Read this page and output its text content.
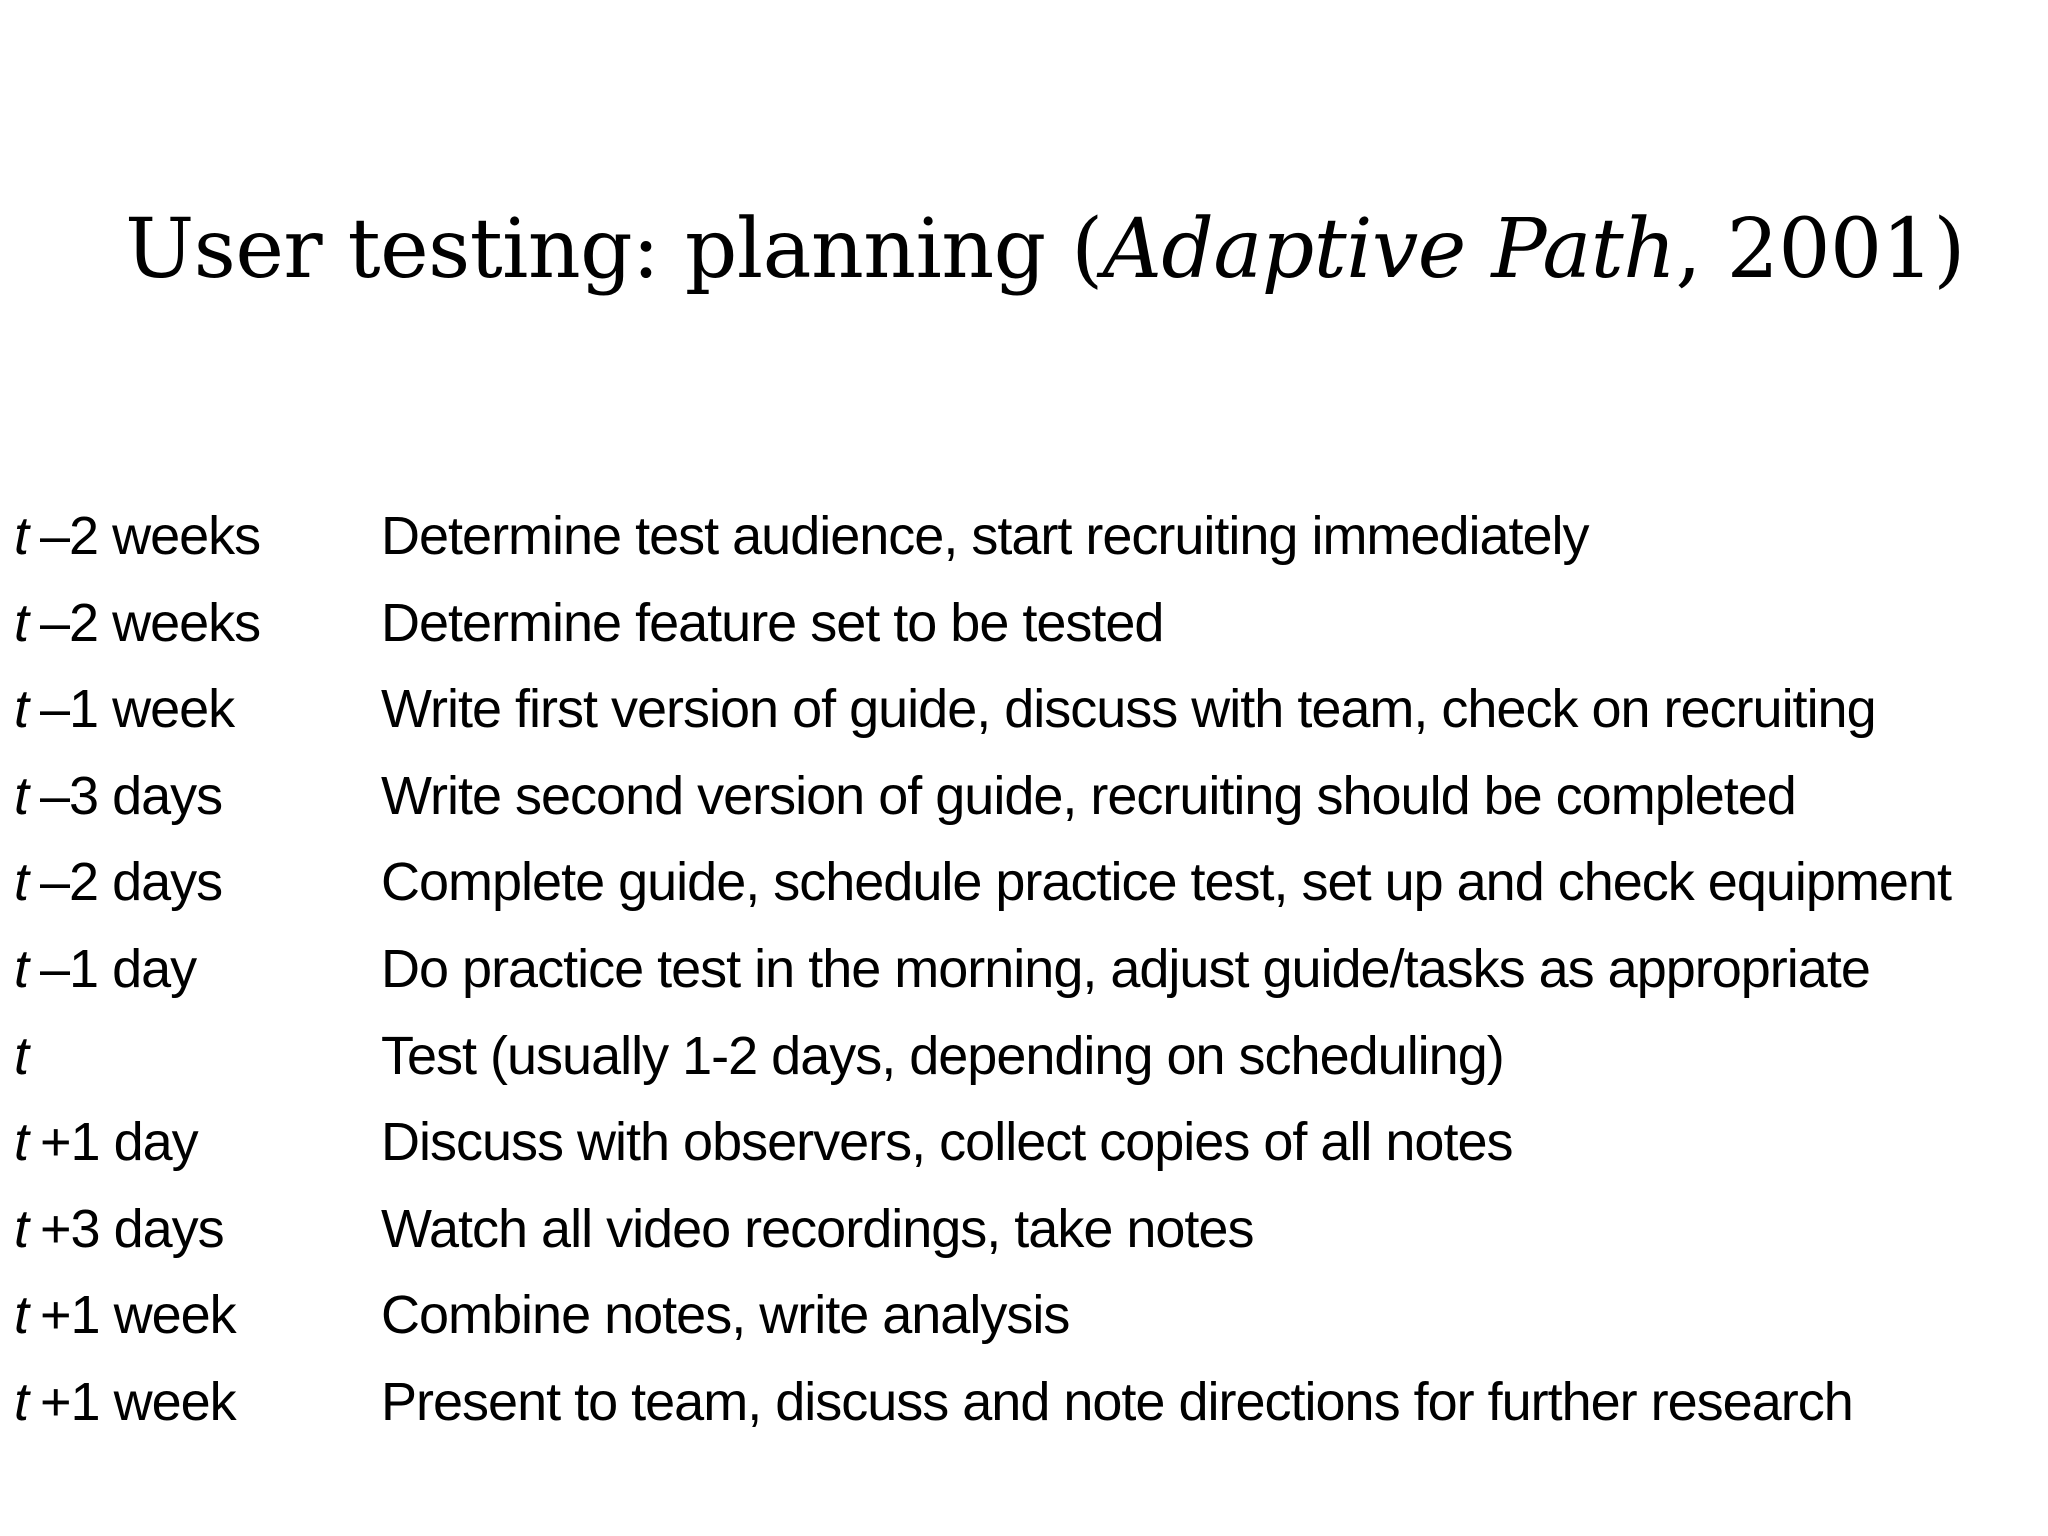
User testing: planning (Adaptive Path, 2001)
t –2 weeks	Determine test audience, start recruiting immediately
t –2 weeks	Determine feature set to be tested
t –1 week	Write first version of guide, discuss with team, check on recruiting
t –3 days	Write second version of guide, recruiting should be completed
t –2 days	Complete guide, schedule practice test, set up and check equipment
t –1 day	Do practice test in the morning, adjust guide/tasks as appropriate
t	Test (usually 1-2 days, depending on scheduling)
t +1 day	Discuss with observers, collect copies of all notes
t +3 days	Watch all video recordings, take notes
t +1 week	Combine notes, write analysis
t +1 week	Present to team, discuss and note directions for further research
